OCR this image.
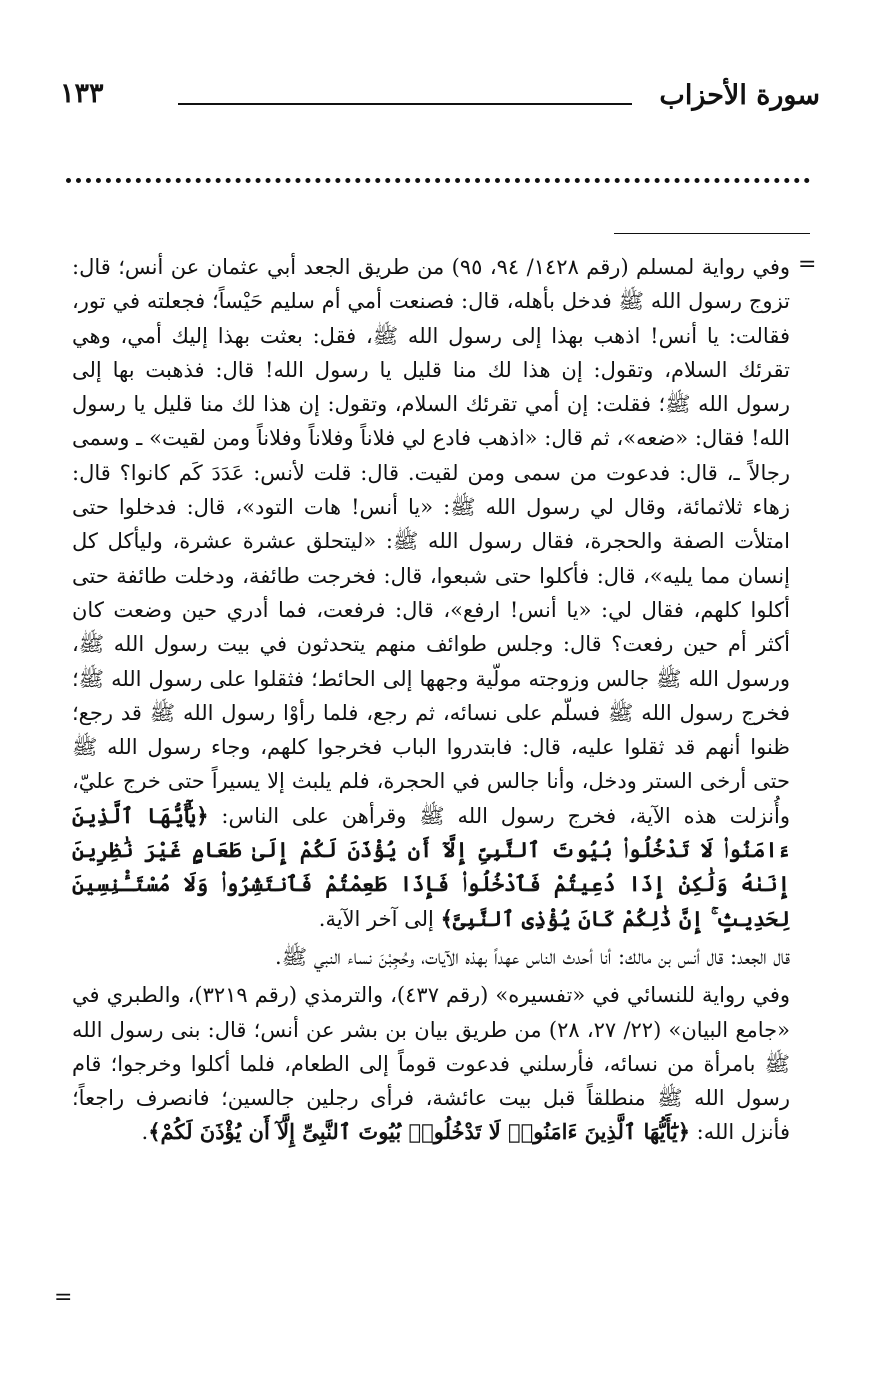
سورة الأحزاب
١٣٣
=

وفي رواية لمسلم (رقم ١٤٢٨/ ٩٤، ٩٥) من طريق الجعد أبي عثمان عن أنس؛ قال: تزوج رسول الله ﷺ فدخل بأهله، قال: فصنعت أمي أم سليم حَيْساً؛ فجعلته في تور، فقالت: يا أنس! اذهب بهذا إلى رسول الله ﷺ، فقل: بعثت بهذا إليك أمي، وهي تقرئك السلام، وتقول: إن هذا لك منا قليل يا رسول الله! قال: فذهبت بها إلى رسول الله ﷺ؛ فقلت: إن أمي تقرئك السلام، وتقول: إن هذا لك منا قليل يا رسول الله! فقال: «ضعه»، ثم قال: «اذهب فادع لي فلاناً وفلاناً وفلاناً ومن لقيت» ـ وسمى رجالاً ـ، قال: فدعوت من سمى ومن لقيت. قال: قلت لأنس: عَدَدَ كَم كانوا؟ قال: زهاء ثلاثمائة، وقال لي رسول الله ﷺ: «يا أنس! هات التود»، قال: فدخلوا حتى امتلأت الصفة والحجرة، فقال رسول الله ﷺ: «ليتحلق عشرة عشرة، وليأكل كل إنسان مما يليه»، قال: فأكلوا حتى شبعوا، قال: فخرجت طائفة، ودخلت طائفة حتى أكلوا كلهم، فقال لي: «يا أنس! ارفع»، قال: فرفعت، فما أدري حين وضعت كان أكثر أم حين رفعت؟ قال: وجلس طوائف منهم يتحدثون في بيت رسول الله ﷺ، ورسول الله ﷺ جالس وزوجته مولّية وجهها إلى الحائط؛ فثقلوا على رسول الله ﷺ؛ فخرج رسول الله ﷺ فسلّم على نسائه، ثم رجع، فلما رأوْا رسول الله ﷺ قد رجع؛ ظنوا أنهم قد ثقلوا عليه، قال: فابتدروا الباب فخرجوا كلهم، وجاء رسول الله ﷺ حتى أرخى الستر ودخل، وأنا جالس في الحجرة، فلم يلبث إلا يسيراً حتى خرج عليّ، وأُنزلت هذه الآية، فخرج رسول الله ﷺ وقرأهن على الناس: ﴿يَٰٓأَيُّهَا ٱلَّذِينَ ءَامَنُوا۟ لَا تَدْخُلُوا۟ بُيُوتَ ٱلنَّبِىِّ إِلَّآ أَن يُؤْذَنَ لَكُمْ إِلَىٰ طَعَامٍ غَيْرَ نَٰظِرِينَ إِنَىٰهُ وَلَٰكِنْ إِذَا دُعِيتُمْ فَٱدْخُلُوا۟ فَإِذَا طَعِمْتُمْ فَٱنتَشِرُوا۟ وَلَا مُسْتَـْٔنِسِينَ لِحَدِيثٍ ۚ إِنَّ ذَٰلِكُمْ كَانَ يُؤْذِى ٱلنَّبِىَّ﴾ إلى آخر الآية.

قال الجعد: قال أنس بن مالك: أنا أحدث الناس عهداً بهذه الآيات، وحُجِبْنَ نساء النبي ﷺ.

وفي رواية للنسائي في «تفسيره» (رقم ٤٣٧)، والترمذي (رقم ٣٢١٩)، والطبري في «جامع البيان» (٢٢/ ٢٧، ٢٨) من طريق بيان بن بشر عن أنس؛ قال: بنى رسول الله ﷺ بامرأة من نسائه، فأرسلني فدعوت قوماً إلى الطعام، فلما أكلوا وخرجوا؛ قام رسول الله ﷺ منطلقاً قبل بيت عائشة، فرأى رجلين جالسين؛ فانصرف راجعاً؛ فأنزل الله: ﴿يَٰٓأَيُّهَا ٱلَّذِينَ ءَامَنُوا۟ لَا تَدْخُلُوا۟ بُيُوتَ ٱلنَّبِىِّ إِلَّآ أَن يُؤْذَنَ لَكُمْ﴾.

=
